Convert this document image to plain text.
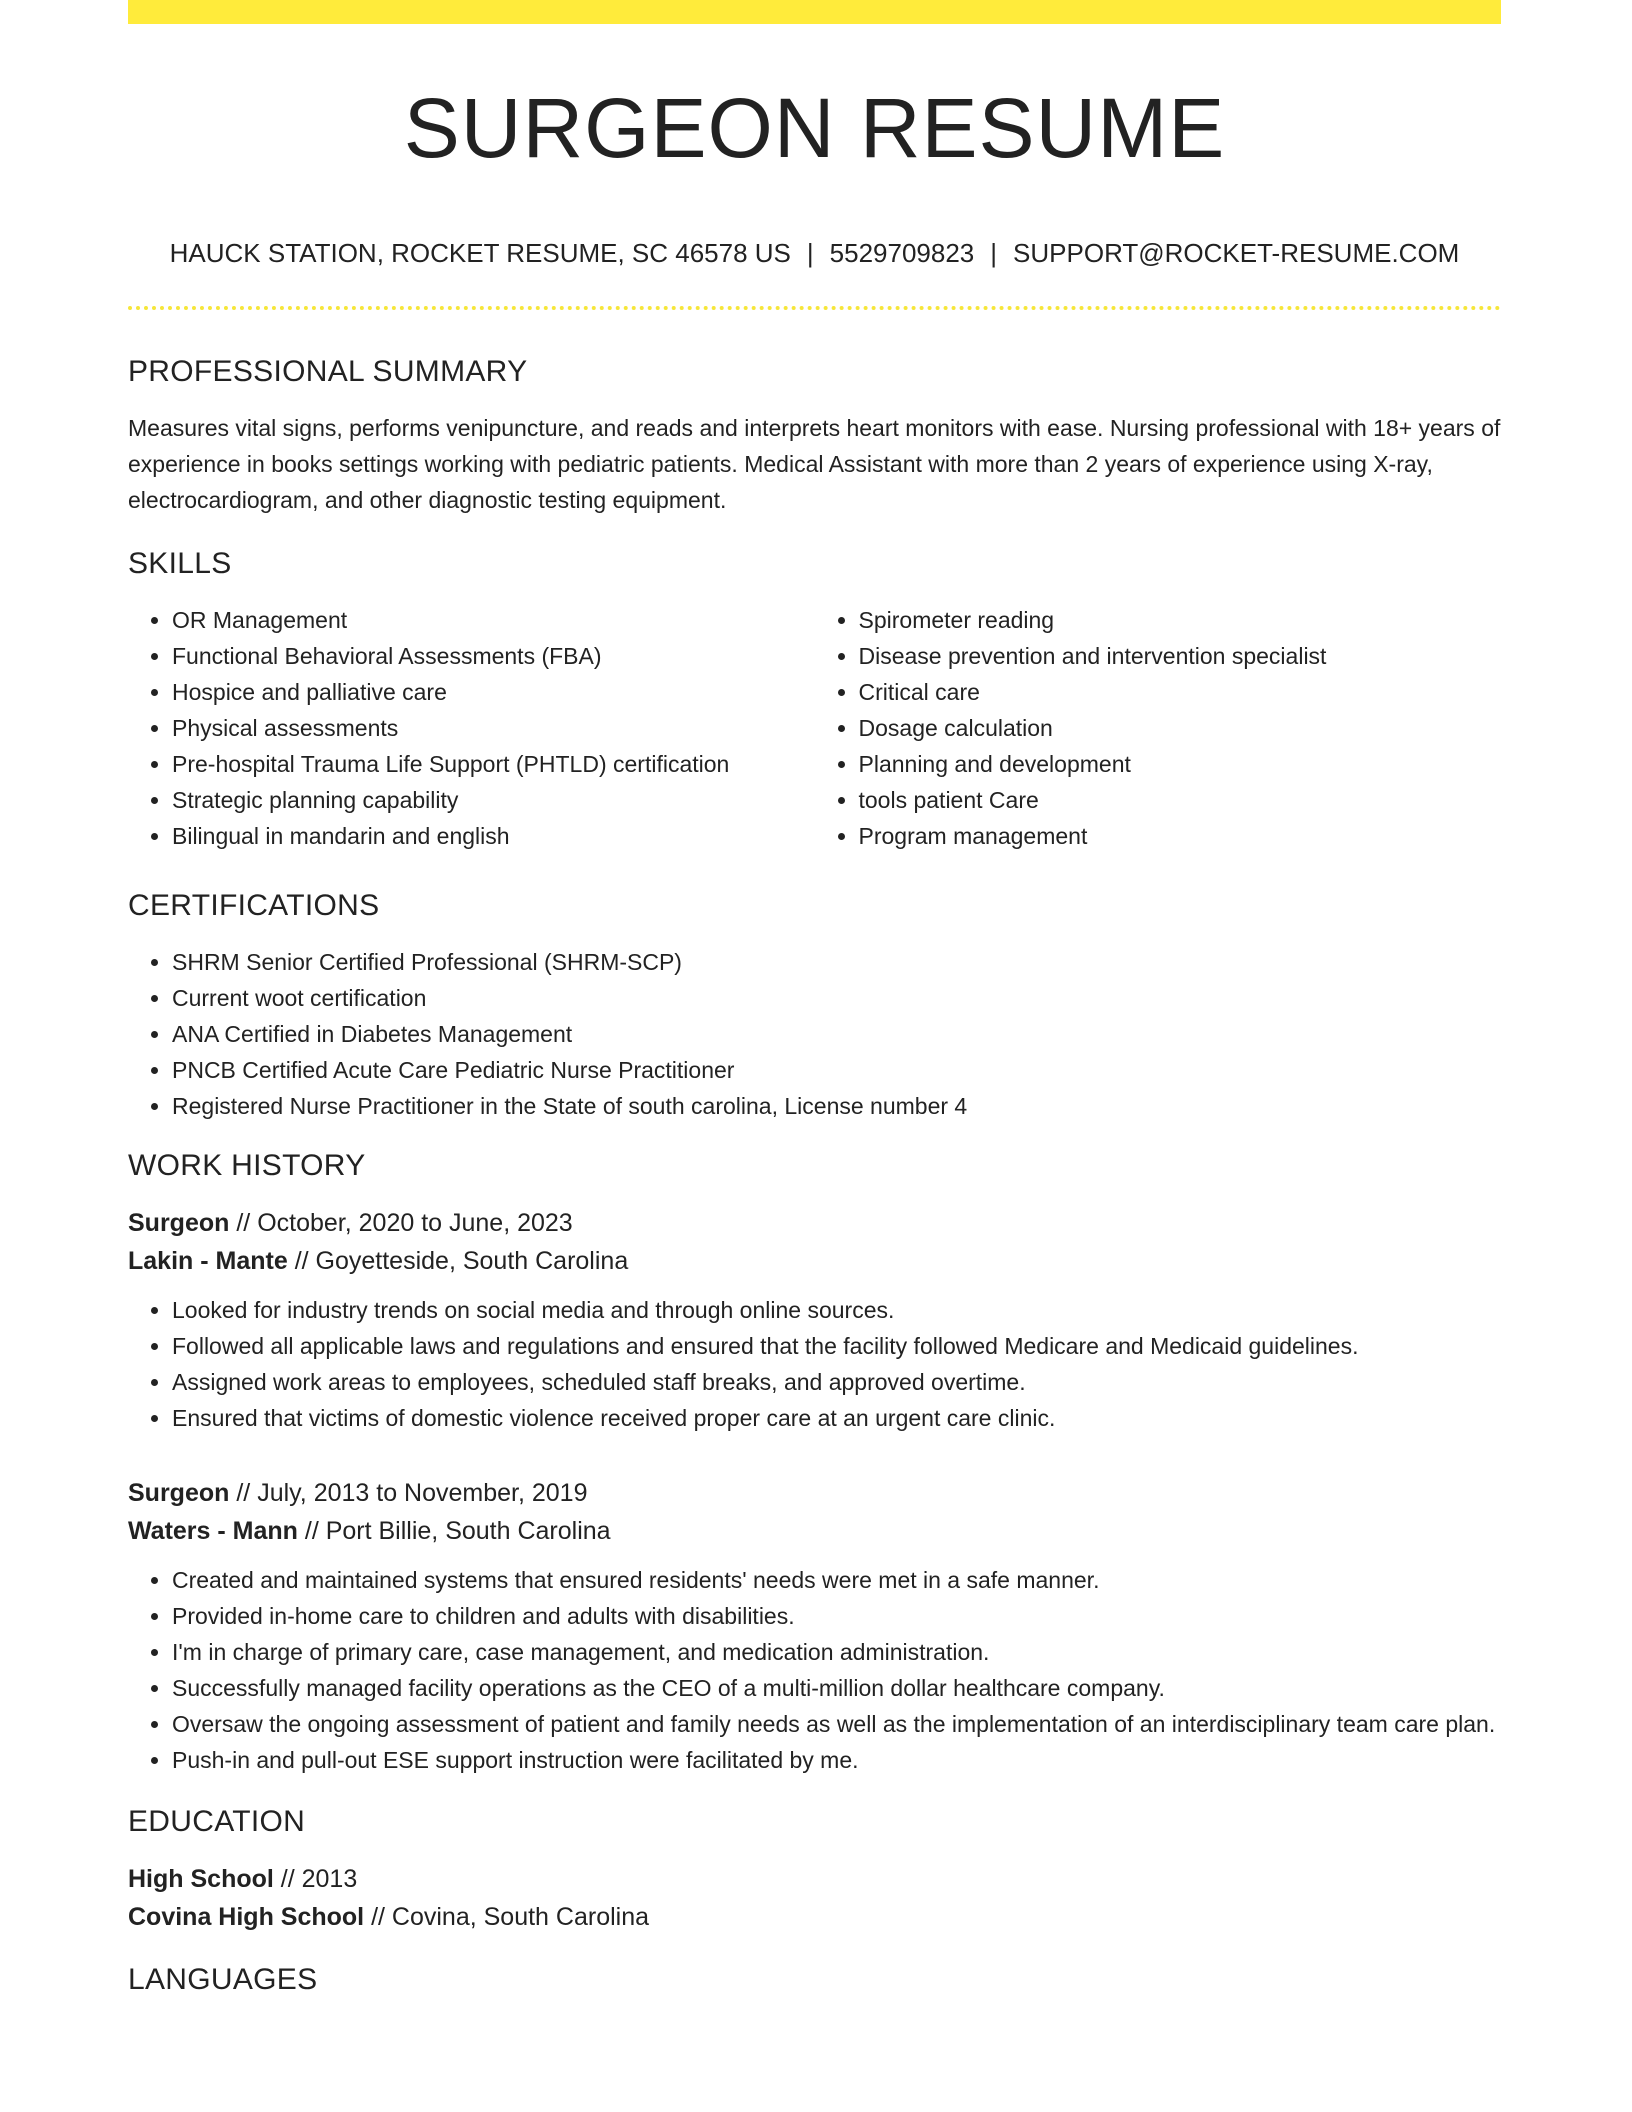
SURGEON RESUME
HAUCK STATION, ROCKET RESUME, SC 46578 US | 5529709823 | SUPPORT@ROCKET-RESUME.COM
PROFESSIONAL SUMMARY

Measures vital signs, performs venipuncture, and reads and interprets heart monitors with ease. Nursing professional with 18+ years of experience in books settings working with pediatric patients. Medical Assistant with more than 2 years of experience using X-ray, electrocardiogram, and other diagnostic testing equipment.

SKILLS
• OR Management
• Functional Behavioral Assessments (FBA)
• Hospice and palliative care
• Physical assessments
• Pre-hospital Trauma Life Support (PHTLD) certification
• Strategic planning capability
• Bilingual in mandarin and english
• Spirometer reading
• Disease prevention and intervention specialist
• Critical care
• Dosage calculation
• Planning and development
• tools patient Care
• Program management
CERTIFICATIONS
• SHRM Senior Certified Professional (SHRM-SCP)
• Current woot certification
• ANA Certified in Diabetes Management
• PNCB Certified Acute Care Pediatric Nurse Practitioner
• Registered Nurse Practitioner in the State of south carolina, License number 4
WORK HISTORY
Surgeon // October, 2020 to June, 2023
Lakin - Mante // Goyetteside, South Carolina
• Looked for industry trends on social media and through online sources.
• Followed all applicable laws and regulations and ensured that the facility followed Medicare and Medicaid guidelines.
• Assigned work areas to employees, scheduled staff breaks, and approved overtime.
• Ensured that victims of domestic violence received proper care at an urgent care clinic.
Surgeon // July, 2013 to November, 2019
Waters - Mann // Port Billie, South Carolina
• Created and maintained systems that ensured residents' needs were met in a safe manner.
• Provided in-home care to children and adults with disabilities.
• I'm in charge of primary care, case management, and medication administration.
• Successfully managed facility operations as the CEO of a multi-million dollar healthcare company.
• Oversaw the ongoing assessment of patient and family needs as well as the implementation of an interdisciplinary team care plan.
• Push-in and pull-out ESE support instruction were facilitated by me.
EDUCATION
High School // 2013
Covina High School // Covina, South Carolina
LANGUAGES
